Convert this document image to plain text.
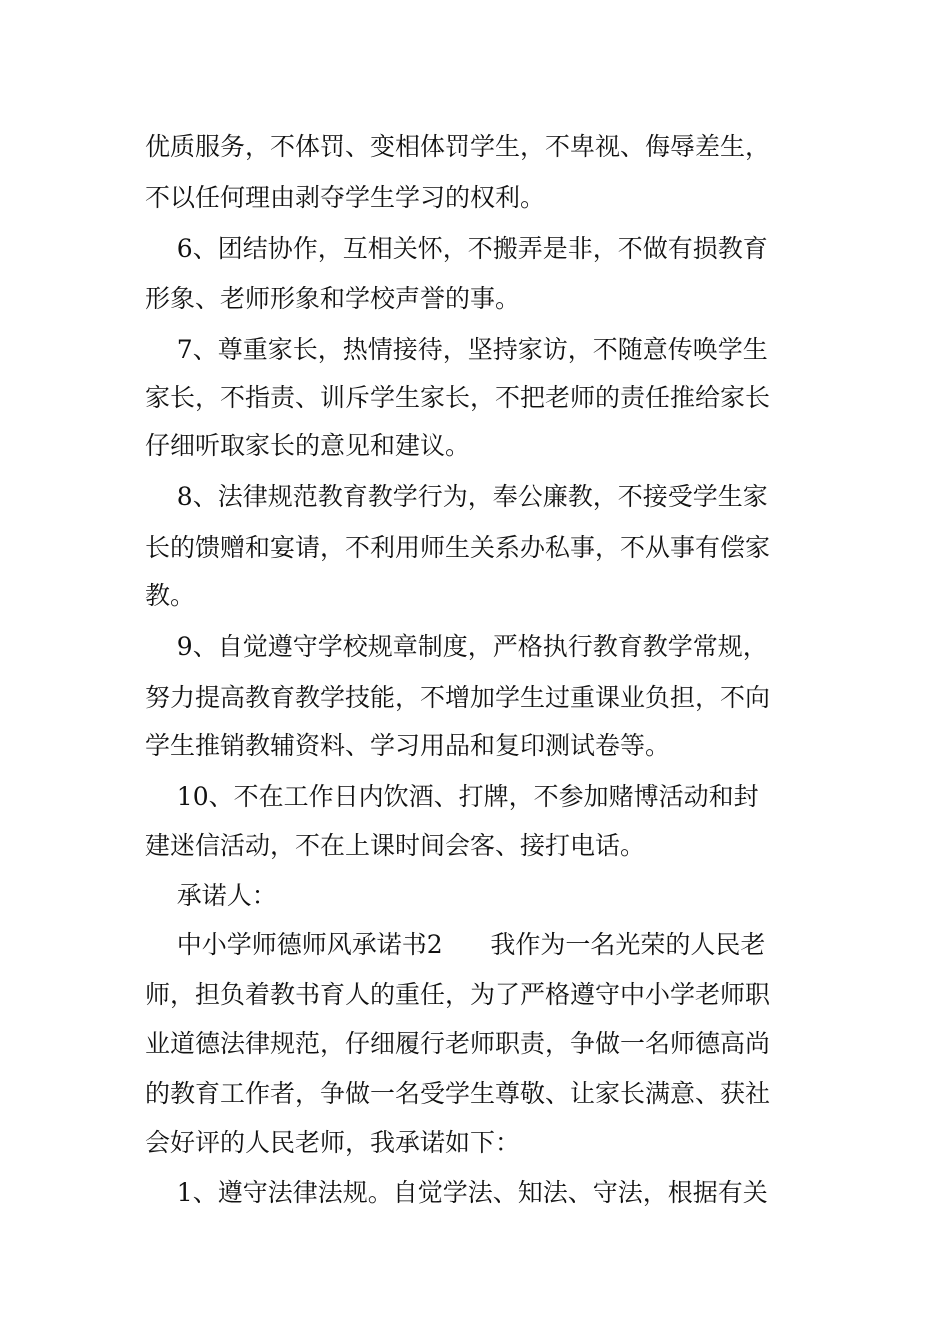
优质服务，不体罚、变相体罚学生，不卑视、侮辱差生，
不以任何理由剥夺学生学习的权利。
6、团结协作，互相关怀，不搬弄是非，不做有损教育
形象、老师形象和学校声誉的事。
7、尊重家长，热情接待，坚持家访，不随意传唤学生
家长，不指责、训斥学生家长，不把老师的责任推给家长
仔细听取家长的意见和建议。
8、法律规范教育教学行为，奉公廉教，不接受学生家
长的馈赠和宴请，不利用师生关系办私事，不从事有偿家
教。
9、自觉遵守学校规章制度，严格执行教育教学常规，
努力提高教育教学技能，不增加学生过重课业负担，不向
学生推销教辅资料、学习用品和复印测试卷等。
10、不在工作日内饮酒、打牌，不参加赌博活动和封
建迷信活动，不在上课时间会客、接打电话。
承诺人：
中小学师德师风承诺书2      我作为一名光荣的人民老
师，担负着教书育人的重任，为了严格遵守中小学老师职
业道德法律规范，仔细履行老师职责，争做一名师德高尚
的教育工作者，争做一名受学生尊敬、让家长满意、获社
会好评的人民老师，我承诺如下：
1、遵守法律法规。自觉学法、知法、守法，根据有关
